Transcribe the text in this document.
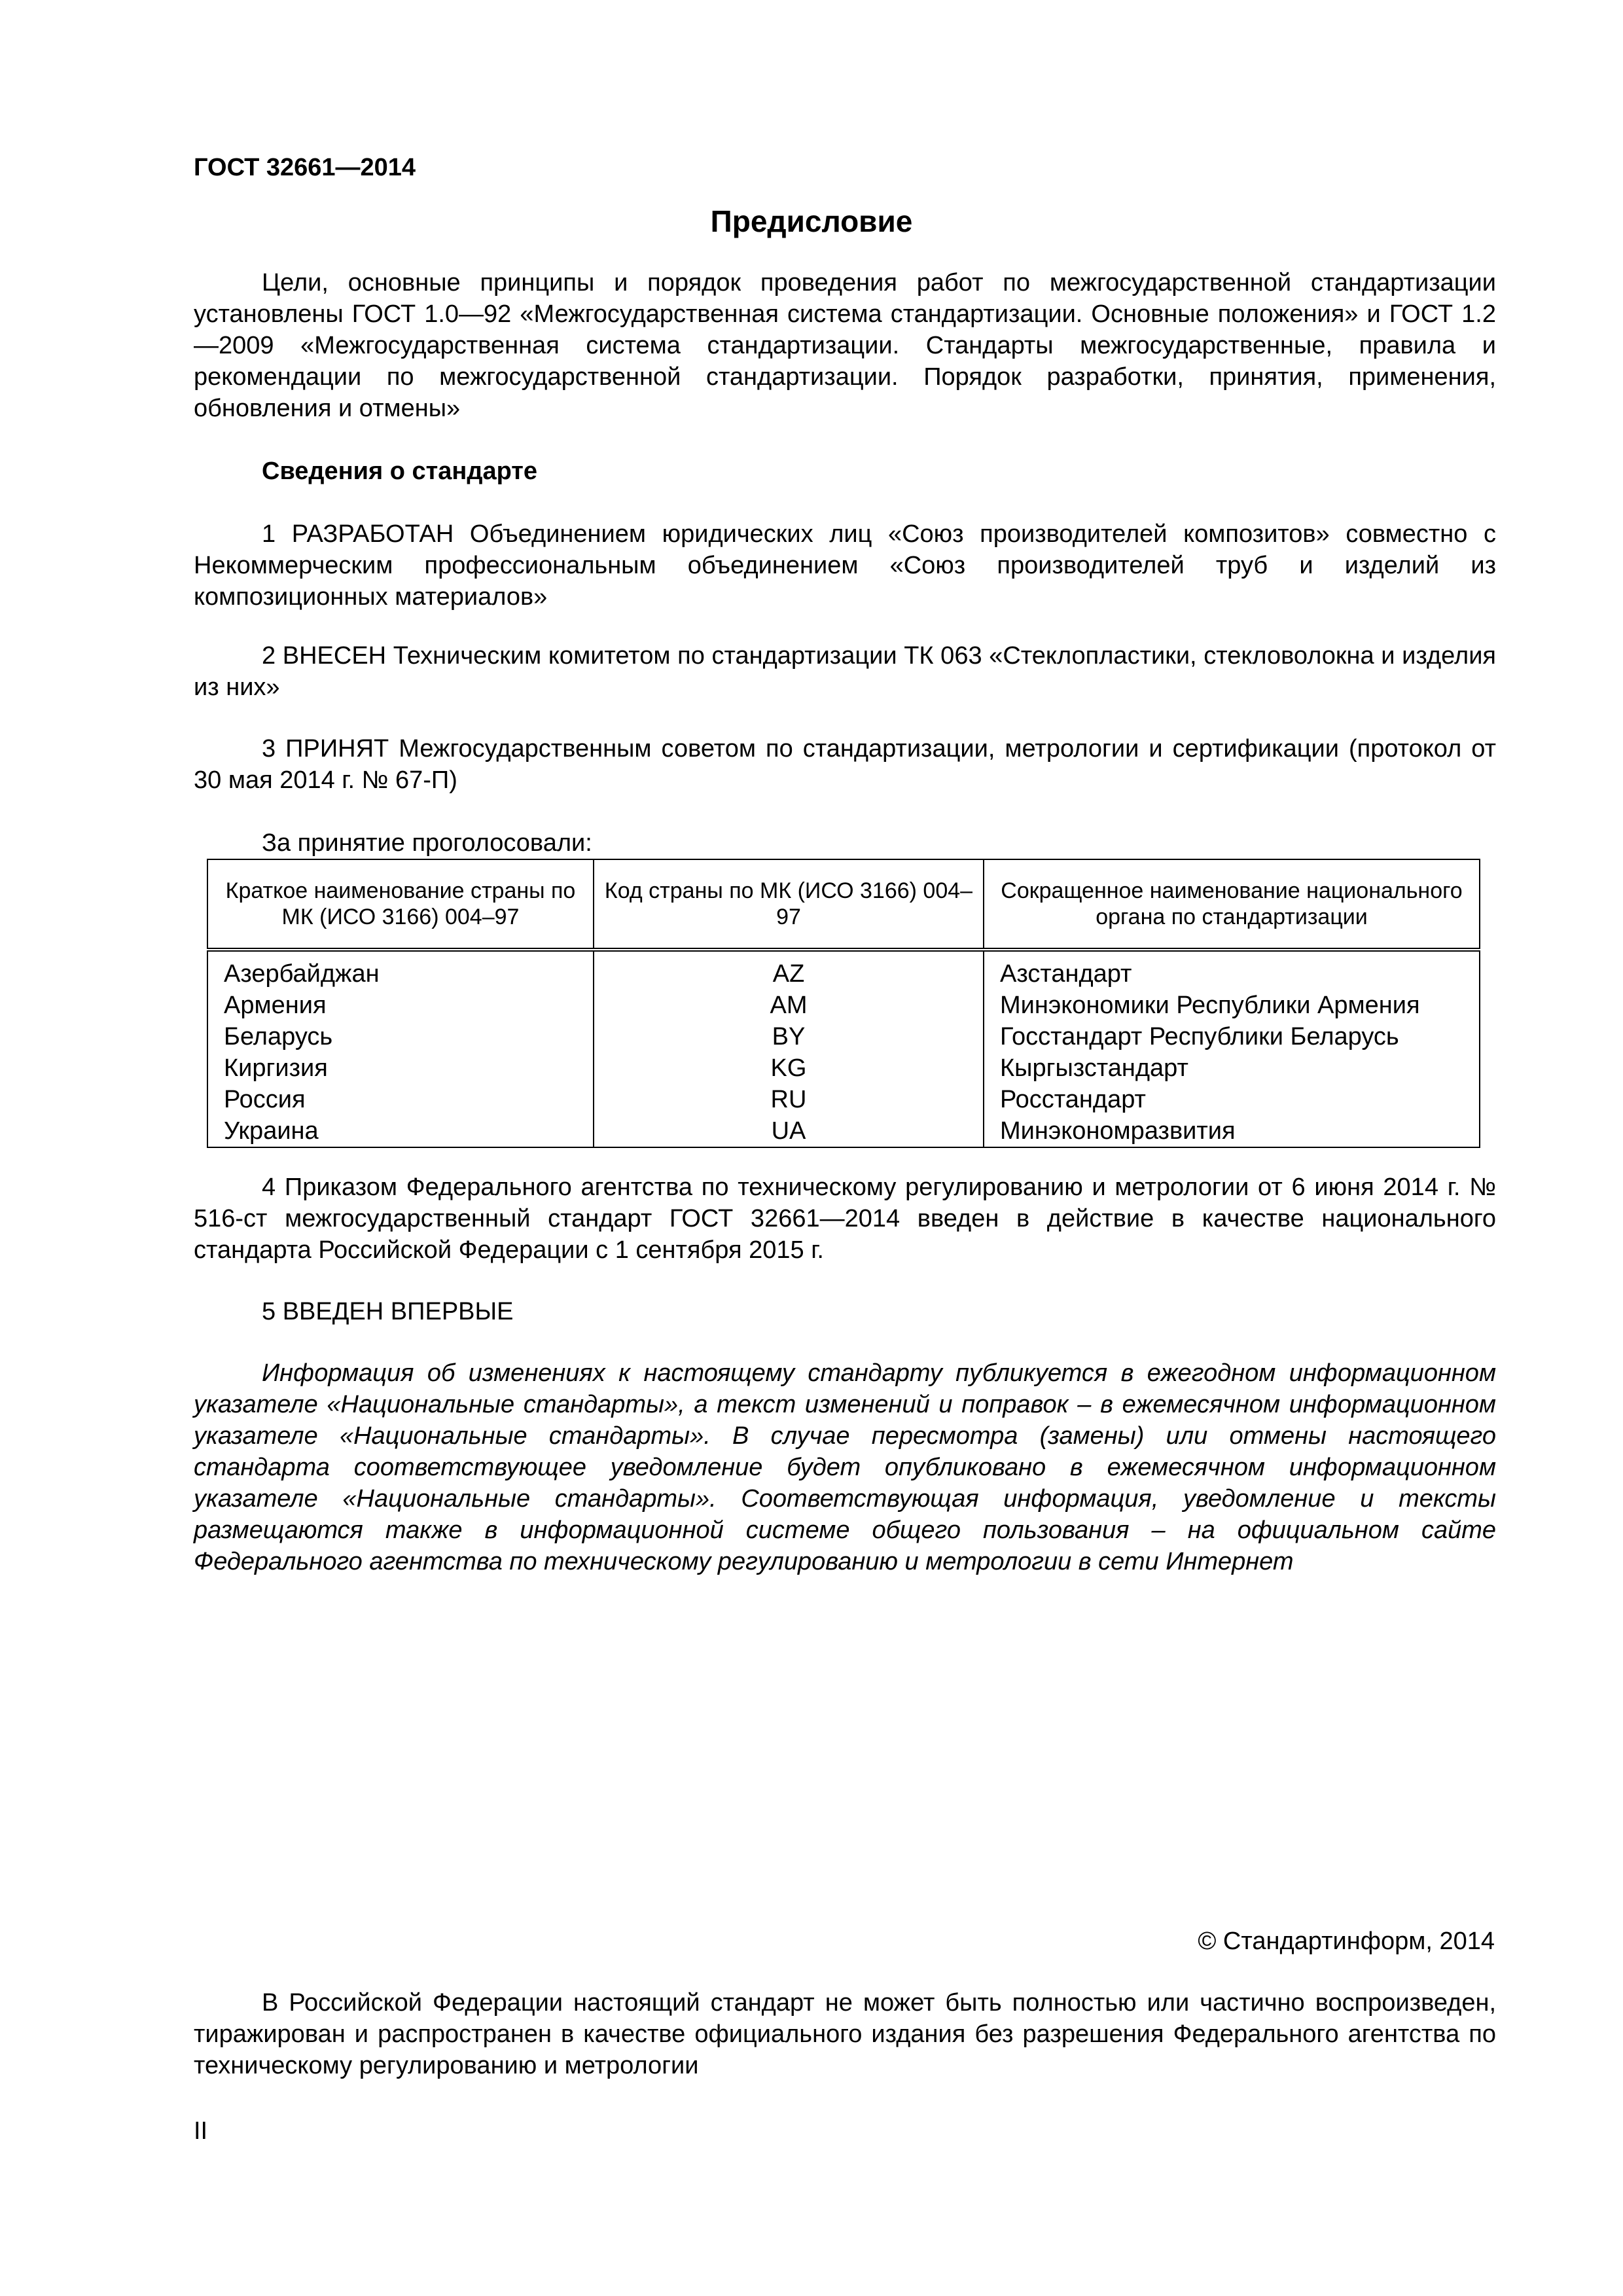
ГОСТ 32661—2014
Предисловие
Цели, основные принципы и порядок проведения работ по межгосударственной стандартизации установлены ГОСТ 1.0—92 «Межгосударственная система стандартизации. Основные положения» и ГОСТ 1.2—2009 «Межгосударственная система стандартизации. Стандарты межгосударственные, правила и рекомендации по межгосударственной стандартизации. Порядок разработки, принятия, применения, обновления и отмены»
Сведения о стандарте
1 РАЗРАБОТАН Объединением юридических лиц «Союз производителей композитов» совместно с Некоммерческим профессиональным объединением «Союз производителей труб и изделий из композиционных материалов»
2 ВНЕСЕН Техническим комитетом по стандартизации ТК 063 «Стеклопластики, стекловолокна и изделия из них»
3 ПРИНЯТ Межгосударственным советом по стандартизации, метрологии и сертификации (протокол от 30 мая 2014 г. № 67-П)
За принятие проголосовали:
Краткое наименование страны по МК (ИСО 3166) 004–97	Код страны по МК (ИСО 3166) 004–97	Сокращенное наименование национального органа по стандартизации
Азербайджан	AZ	Азстандарт
Армения	AM	Минэкономики Республики Армения
Беларусь	BY	Госстандарт Республики Беларусь
Киргизия	KG	Кыргызстандарт
Россия	RU	Росстандарт
Украина	UA	Минэкономразвития
4 Приказом Федерального агентства по техническому регулированию и метрологии от 6 июня 2014 г. № 516-ст межгосударственный стандарт ГОСТ 32661—2014 введен в действие в качестве национального стандарта Российской Федерации с 1 сентября 2015 г.
5 ВВЕДЕН ВПЕРВЫЕ
Информация об изменениях к настоящему стандарту публикуется в ежегодном информационном указателе «Национальные стандарты», а текст изменений и поправок – в ежемесячном информационном указателе «Национальные стандарты». В случае пересмотра (замены) или отмены настоящего стандарта соответствующее уведомление будет опубликовано в ежемесячном информационном указателе «Национальные стандарты». Соответствующая информация, уведомление и тексты размещаются также в информационной системе общего пользования – на официальном сайте Федерального агентства по техническому регулированию и метрологии в сети Интернет
© Стандартинформ, 2014
В Российской Федерации настоящий стандарт не может быть полностью или частично воспроизведен, тиражирован и распространен в качестве официального издания без разрешения Федерального агентства по техническому регулированию и метрологии
II
